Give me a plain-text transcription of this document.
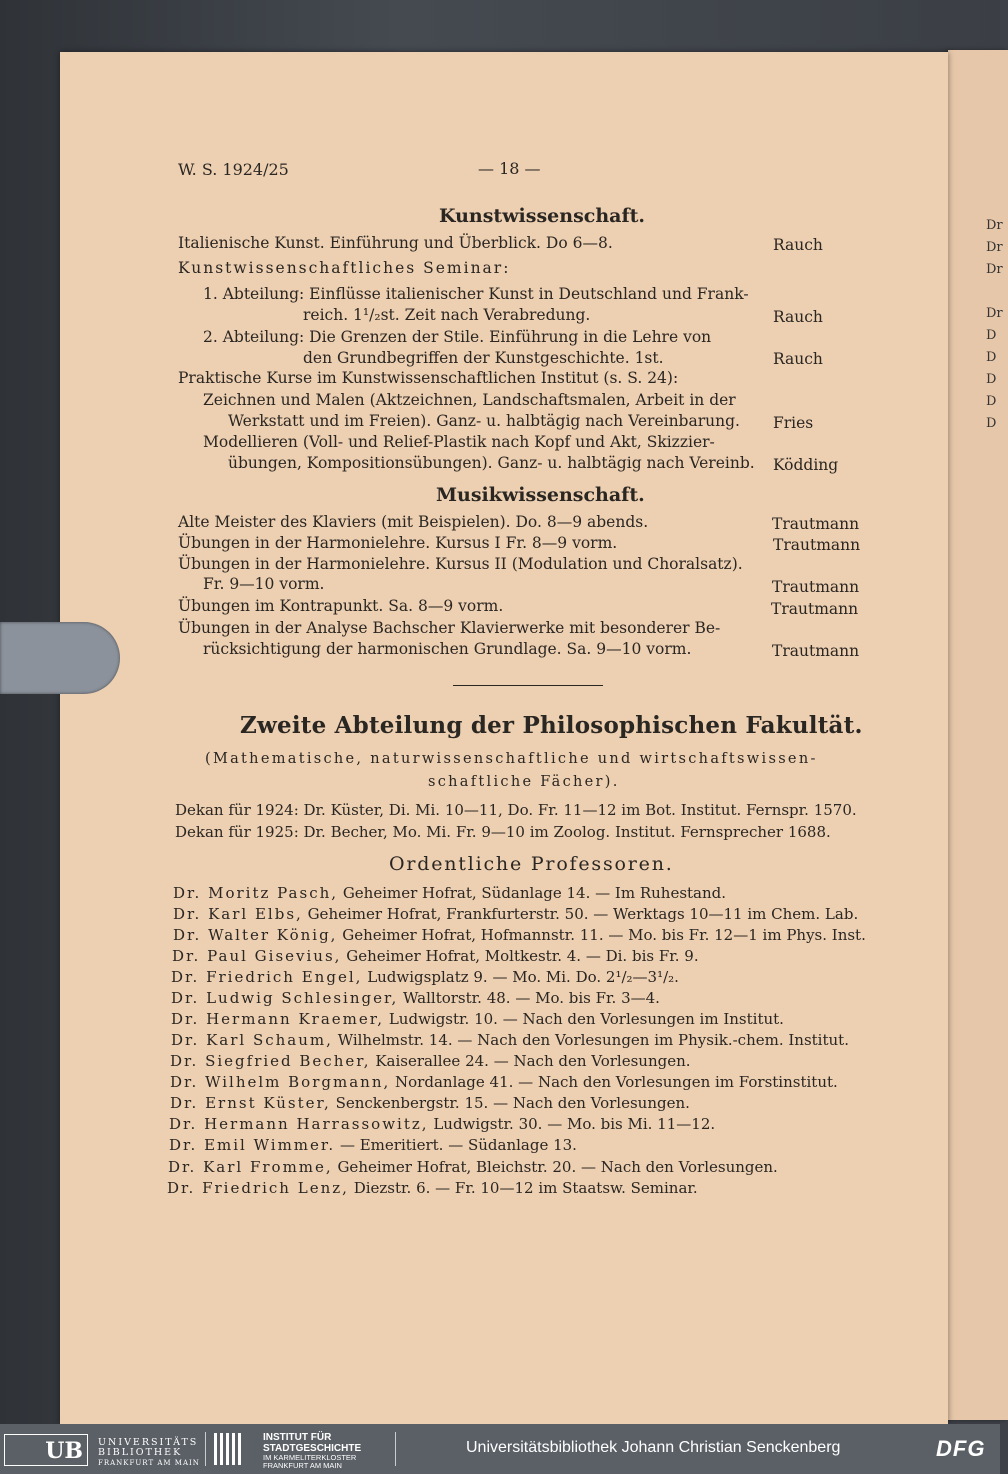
Dr
Dr
Dr
Dr
D
D
D
D
D
W. S. 1924/25	— 18 —
Kunstwissenschaft.
Italienische Kunst. Einführung und Überblick. Do 6—8.	Rauch
Kunstwissenschaftliches Seminar:
1. Abteilung: Einflüsse italienischer Kunst in Deutschland und Frank-
reich. 1¹/₂st. Zeit nach Verabredung.	Rauch
2. Abteilung: Die Grenzen der Stile. Einführung in die Lehre von
den Grundbegriffen der Kunstgeschichte. 1st.	Rauch
Praktische Kurse im Kunstwissenschaftlichen Institut (s. S. 24):
Zeichnen und Malen (Aktzeichnen, Landschaftsmalen, Arbeit in der
Werkstatt und im Freien). Ganz- u. halbtägig nach Vereinbarung. Fries
Modellieren (Voll- und Relief-Plastik nach Kopf und Akt, Skizzier-
übungen, Kompositionsübungen). Ganz- u. halbtägig nach Vereinb. Ködding
Musikwissenschaft.
Alte Meister des Klaviers (mit Beispielen). Do. 8—9 abends.	Trautmann
Übungen in der Harmonielehre. Kursus I Fr. 8—9 vorm.	Trautmann
Übungen in der Harmonielehre. Kursus II (Modulation und Choralsatz).
Fr. 9—10 vorm.	Trautmann
Übungen im Kontrapunkt. Sa. 8—9 vorm.	Trautmann
Übungen in der Analyse Bachscher Klavierwerke mit besonderer Be-
rücksichtigung der harmonischen Grundlage. Sa. 9—10 vorm.	Trautmann
Zweite Abteilung der Philosophischen Fakultät.
(Mathematische, naturwissenschaftliche und wirtschaftswissen-
schaftliche Fächer).
Dekan für 1924: Dr. Küster, Di. Mi. 10—11, Do. Fr. 11—12 im Bot. Institut. Fernspr. 1570.
Dekan für 1925: Dr. Becher, Mo. Mi. Fr. 9—10 im Zoolog. Institut. Fernsprecher 1688.
Ordentliche Professoren.
Dr. Moritz Pasch, Geheimer Hofrat, Südanlage 14. — Im Ruhestand.
Dr. Karl Elbs, Geheimer Hofrat, Frankfurterstr. 50. — Werktags 10—11 im Chem. Lab.
Dr. Walter König, Geheimer Hofrat, Hofmannstr. 11. — Mo. bis Fr. 12—1 im Phys. Inst.
Dr. Paul Gisevius, Geheimer Hofrat, Moltkestr. 4. — Di. bis Fr. 9.
Dr. Friedrich Engel, Ludwigsplatz 9. — Mo. Mi. Do. 2¹/₂—3¹/₂.
Dr. Ludwig Schlesinger, Walltorstr. 48. — Mo. bis Fr. 3—4.
Dr. Hermann Kraemer, Ludwigstr. 10. — Nach den Vorlesungen im Institut.
Dr. Karl Schaum, Wilhelmstr. 14. — Nach den Vorlesungen im Physik.-chem. Institut.
Dr. Siegfried Becher, Kaiserallee 24. — Nach den Vorlesungen.
Dr. Wilhelm Borgmann, Nordanlage 41. — Nach den Vorlesungen im Forstinstitut.
Dr. Ernst Küster, Senckenbergstr. 15. — Nach den Vorlesungen.
Dr. Hermann Harrassowitz, Ludwigstr. 30. — Mo. bis Mi. 11—12.
Dr. Emil Wimmer. — Emeritiert. — Südanlage 13.
Dr. Karl Fromme, Geheimer Hofrat, Bleichstr. 20. — Nach den Vorlesungen.
Dr. Friedrich Lenz, Diezstr. 6. — Fr. 10—12 im Staatsw. Seminar.
UB	UNIVERSITÄTS
BIBLIOTHEK
FRANKFURT AM MAIN
INSTITUT FÜR
STADTGESCHICHTE
IM KARMELITERKLOSTER
FRANKFURT AM MAIN
Universitätsbibliothek Johann Christian Senckenberg	DFG
